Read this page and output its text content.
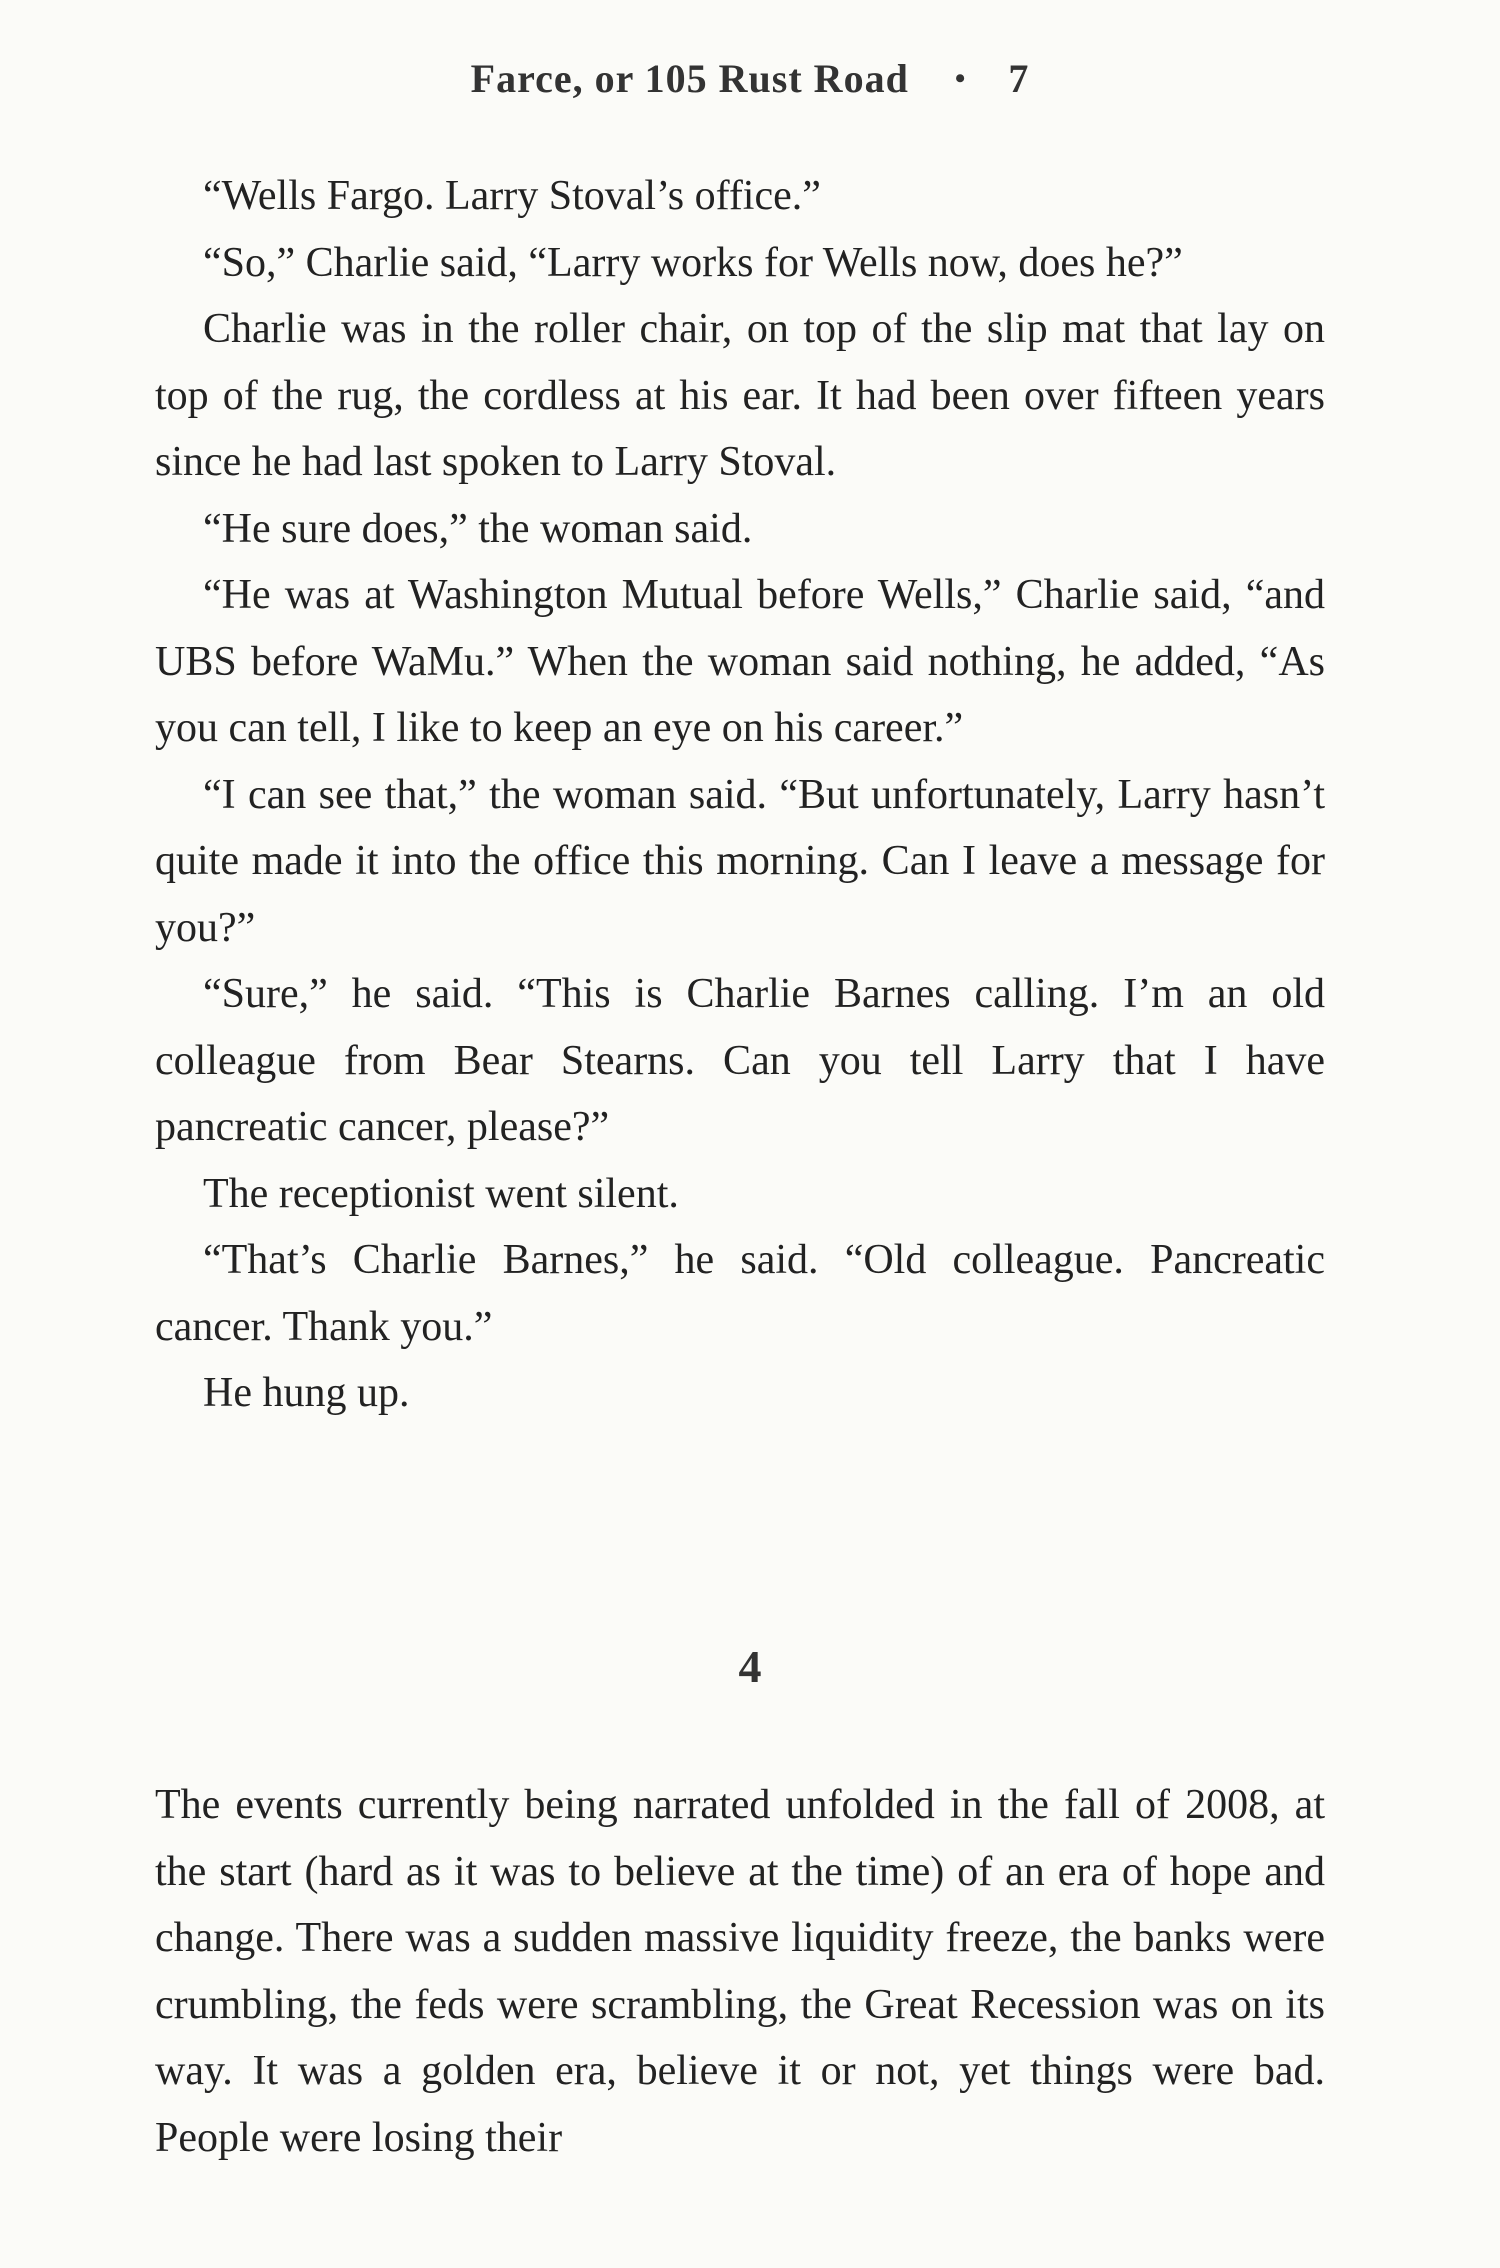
Farce, or 105 Rust Road • 7

“Wells Fargo. Larry Stoval’s office.”

“So,” Charlie said, “Larry works for Wells now, does he?”

Charlie was in the roller chair, on top of the slip mat that lay on top of the rug, the cordless at his ear. It had been over fifteen years since he had last spoken to Larry Stoval.

“He sure does,” the woman said.

“He was at Washington Mutual before Wells,” Charlie said, “and UBS before WaMu.” When the woman said nothing, he added, “As you can tell, I like to keep an eye on his career.”

“I can see that,” the woman said. “But unfortunately, Larry hasn’t quite made it into the office this morning. Can I leave a message for you?”

“Sure,” he said. “This is Charlie Barnes calling. I’m an old colleague from Bear Stearns. Can you tell Larry that I have pancreatic cancer, please?”

The receptionist went silent.

“That’s Charlie Barnes,” he said. “Old colleague. Pancreatic cancer. Thank you.”

He hung up.

4

The events currently being narrated unfolded in the fall of 2008, at the start (hard as it was to believe at the time) of an era of hope and change. There was a sudden massive liquidity freeze, the banks were crumbling, the feds were scrambling, the Great Recession was on its way. It was a golden era, believe it or not, yet things were bad. People were losing their
